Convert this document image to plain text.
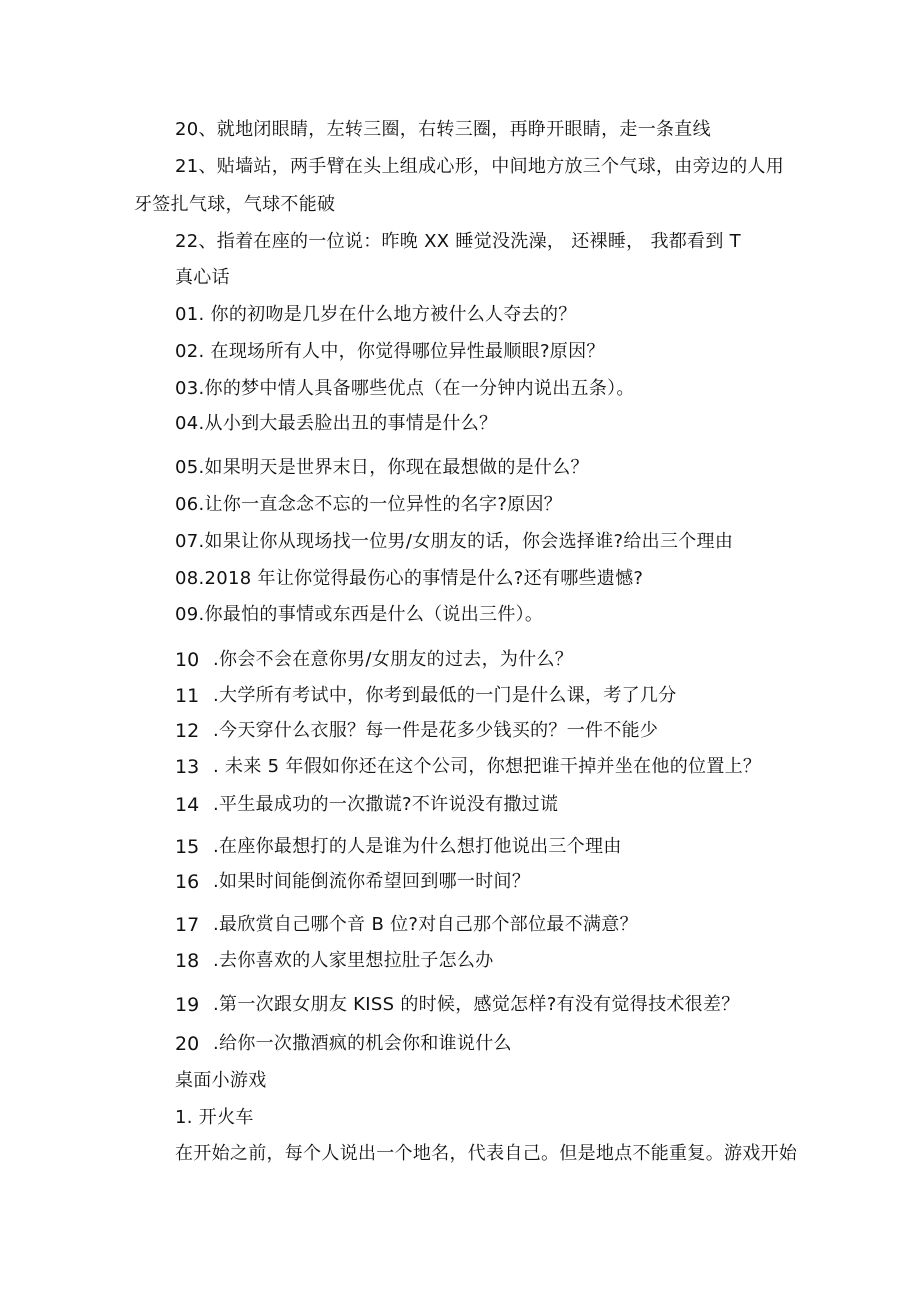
20、就地闭眼睛，左转三圈，右转三圈，再睁开眼睛，走一条直线
21、贴墙站，两手臂在头上组成心形，中间地方放三个气球，由旁边的人用
牙签扎气球，气球不能破
22、指着在座的一位说：昨晚 XX 睡觉没洗澡， 还裸睡， 我都看到 T
真心话
01. 你的初吻是几岁在什么地方被什么人夺去的？
02. 在现场所有人中，你觉得哪位异性最顺眼?原因？
03.你的梦中情人具备哪些优点（在一分钟内说出五条）。
04.从小到大最丢脸出丑的事情是什么？
05.如果明天是世界末日，你现在最想做的是什么？
06.让你一直念念不忘的一位异性的名字?原因？
07.如果让你从现场找一位男/女朋友的话，你会选择谁?给出三个理由
08.2018 年让你觉得最伤心的事情是什么?还有哪些遗憾?
09.你最怕的事情或东西是什么（说出三件）。
10 .你会不会在意你男/女朋友的过去，为什么？
11 .大学所有考试中，你考到最低的一门是什么课，考了几分
12 .今天穿什么衣服？每一件是花多少钱买的？一件不能少
13 . 未来 5 年假如你还在这个公司，你想把谁干掉并坐在他的位置上？
14 .平生最成功的一次撒谎?不许说没有撒过谎
15 .在座你最想打的人是谁为什么想打他说出三个理由
16 .如果时间能倒流你希望回到哪一时间？
17 .最欣赏自己哪个音 B 位?对自己那个部位最不满意？
18 .去你喜欢的人家里想拉肚子怎么办
19 .第一次跟女朋友 KISS 的时候，感觉怎样?有没有觉得技术很差？
20 .给你一次撒酒疯的机会你和谁说什么
桌面小游戏
1. 开火车
在开始之前，每个人说出一个地名，代表自己。但是地点不能重复。游戏开始
